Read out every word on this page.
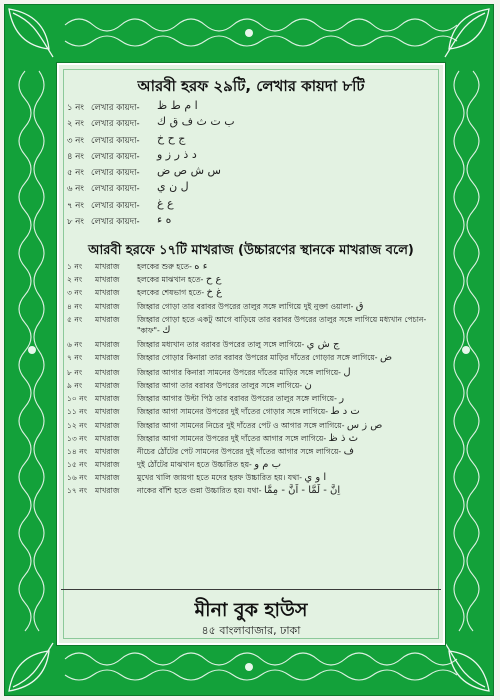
আরবী হরফ ২৯টি, লেখার কায়দা ৮টি
১ নং লেখার কায়দা- ا م ط ظ
২ নং লেখার কায়দা- ب ت ث ف ق ك
৩ নং লেখার কায়দা- ج ح خ
৪ নং লেখার কায়দা- د ذ ر ز و
৫ নং লেখার কায়দা- س ش ص ض
৬ নং লেখার কায়দা- ل ن ي
৭ নং লেখার কায়দা- ع غ
৮ নং লেখার কায়দা- ه ء
আরবী হরফে ১৭টি মাখরাজ (উচ্চারণের স্থানকে মাখরাজ বলে)
১ নং	মাখরাজ	হলকের শুরু হতে- ء ه
২ নং	মাখরাজ	হলকের মাঝখান হতে- ع ح
৩ নং	মাখরাজ	হলকের শেষভাগ হতে- غ خ
৪ নং	মাখরাজ	জিহ্বার গোড়া তার বরাবর উপরের তালুর সঙ্গে লাগিয়ে দুই নুক্তা ওয়ালা- ق
৫ নং	মাখরাজ	জিহ্বার গোড়া হতে একটু আগে বাড়িয়ে তার বরাবর উপরের তালুর সঙ্গে লাগিয়ে মধ্যখান পেচান- "কাফ"- ك
৬ নং	মাখরাজ	জিহ্বার মধ্যখান তার বরাবর উপরের তালু সঙ্গে লাগিয়ে- ج ش ي
৭ নং	মাখরাজ	জিহ্বার গোড়ার কিনারা তার বরাবর উপরের মাড়ির দাঁতের গোড়ার সঙ্গে লাগিয়ে- ض
৮ নং	মাখরাজ	জিহ্বার আগার কিনারা সামনের উপরের দাঁতের মাড়ির সঙ্গে লাগিয়ে- ل
৯ নং	মাখরাজ	জিহ্বার আগা তার বরাবর উপরের তালুর সঙ্গে লাগিয়ে- ن
১০ নং	মাখরাজ	জিহ্বার আগার উল্টা পিঠ তার বরাবর উপরের তালুর সঙ্গে লাগিয়ে- ر
১১ নং	মাখরাজ	জিহ্বার আগা সামনের উপরের দুই দাঁতের গোড়ার সঙ্গে লাগিয়ে- ت د ط
১২ নং	মাখরাজ	জিহ্বার আগা সামনের নিচের দুই দাঁতের পেট ও আগার সঙ্গে লাগিয়ে- ص ز س
১৩ নং	মাখরাজ	জিহ্বার আগা সামনের উপরের দুই দাঁতের আগার সঙ্গে লাগিয়ে- ث ذ ظ
১৪ নং	মাখরাজ	নীচের ঠোঁটের পেট সামনের উপরের দুই দাঁতের আগার সঙ্গে লাগিয়ে- ف
১৫ নং	মাখরাজ	দুই ঠোঁটের মাঝখান হতে উচ্চারিত হয়- ب م و
১৬ নং	মাখরাজ	মুখের খালি জায়গা হতে মদের হরফ উচ্চারিত হয়। যথা- ا و ي
১৭ নং	মাখরাজ	নাকের বাঁশি হতে গুন্না উচ্চারিত হয়। যথা- اِنَّ - لَمَّا - اَنَّ - مِمَّا
মীনা বুক হাউস
৪৫ বাংলাবাজার, ঢাকা
